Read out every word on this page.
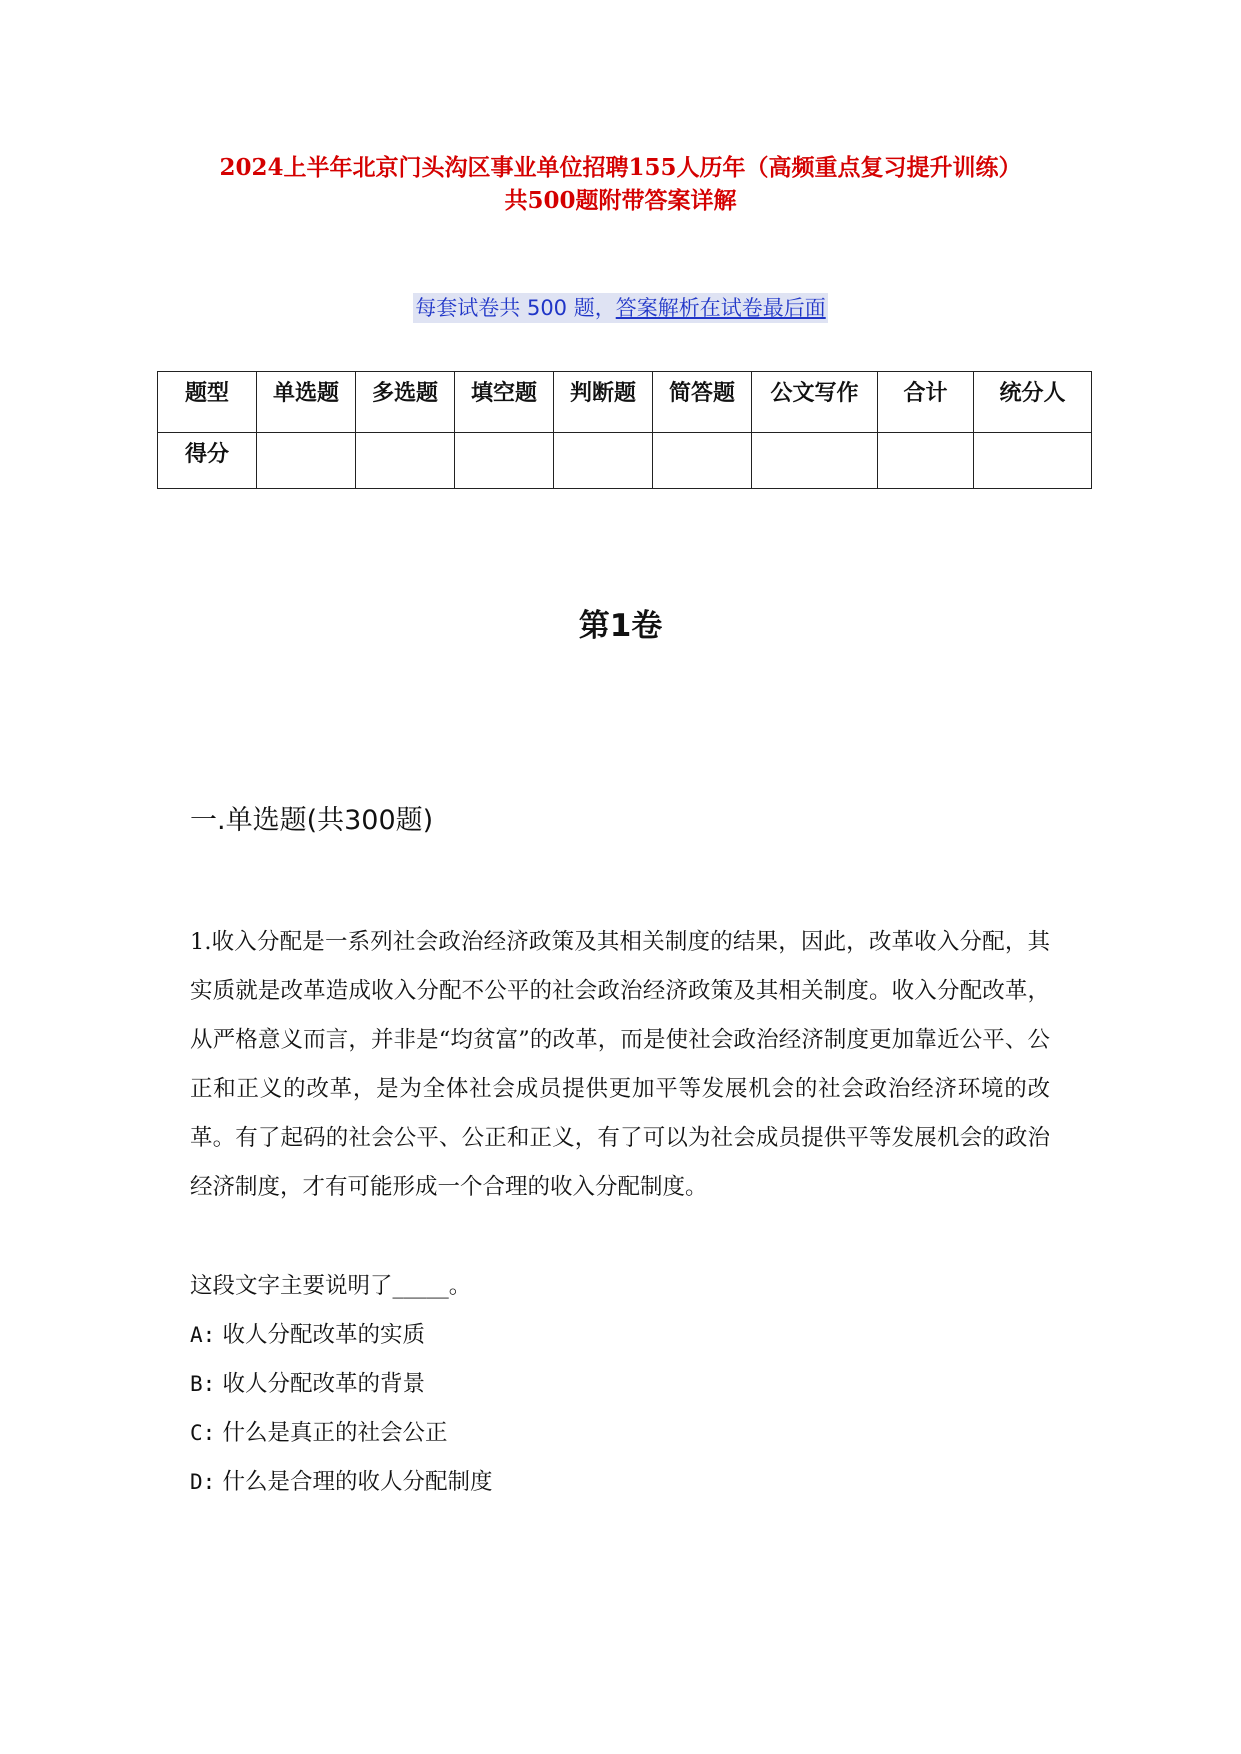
2024上半年北京门头沟区事业单位招聘155人历年（高频重点复习提升训练）

共500题附带答案详解

每套试卷共 500 题，答案解析在试卷最后面
题型	单选题	多选题	填空题	判断题	简答题	公文写作	合计	统分人
得分								
第1卷
一.单选题(共300题)

1.收入分配是一系列社会政治经济政策及其相关制度的结果，因此，改革收入分配，其实质就是改革造成收入分配不公平的社会政治经济政策及其相关制度。收入分配改革，从严格意义而言，并非是“均贫富”的改革，而是使社会政治经济制度更加靠近公平、公正和正义的改革，是为全体社会成员提供更加平等发展机会的社会政治经济环境的改革。有了起码的社会公平、公正和正义，有了可以为社会成员提供平等发展机会的政治经济制度，才有可能形成一个合理的收入分配制度。

这段文字主要说明了_____。

A: 收人分配改革的实质

B: 收人分配改革的背景

C: 什么是真正的社会公正

D: 什么是合理的收人分配制度
